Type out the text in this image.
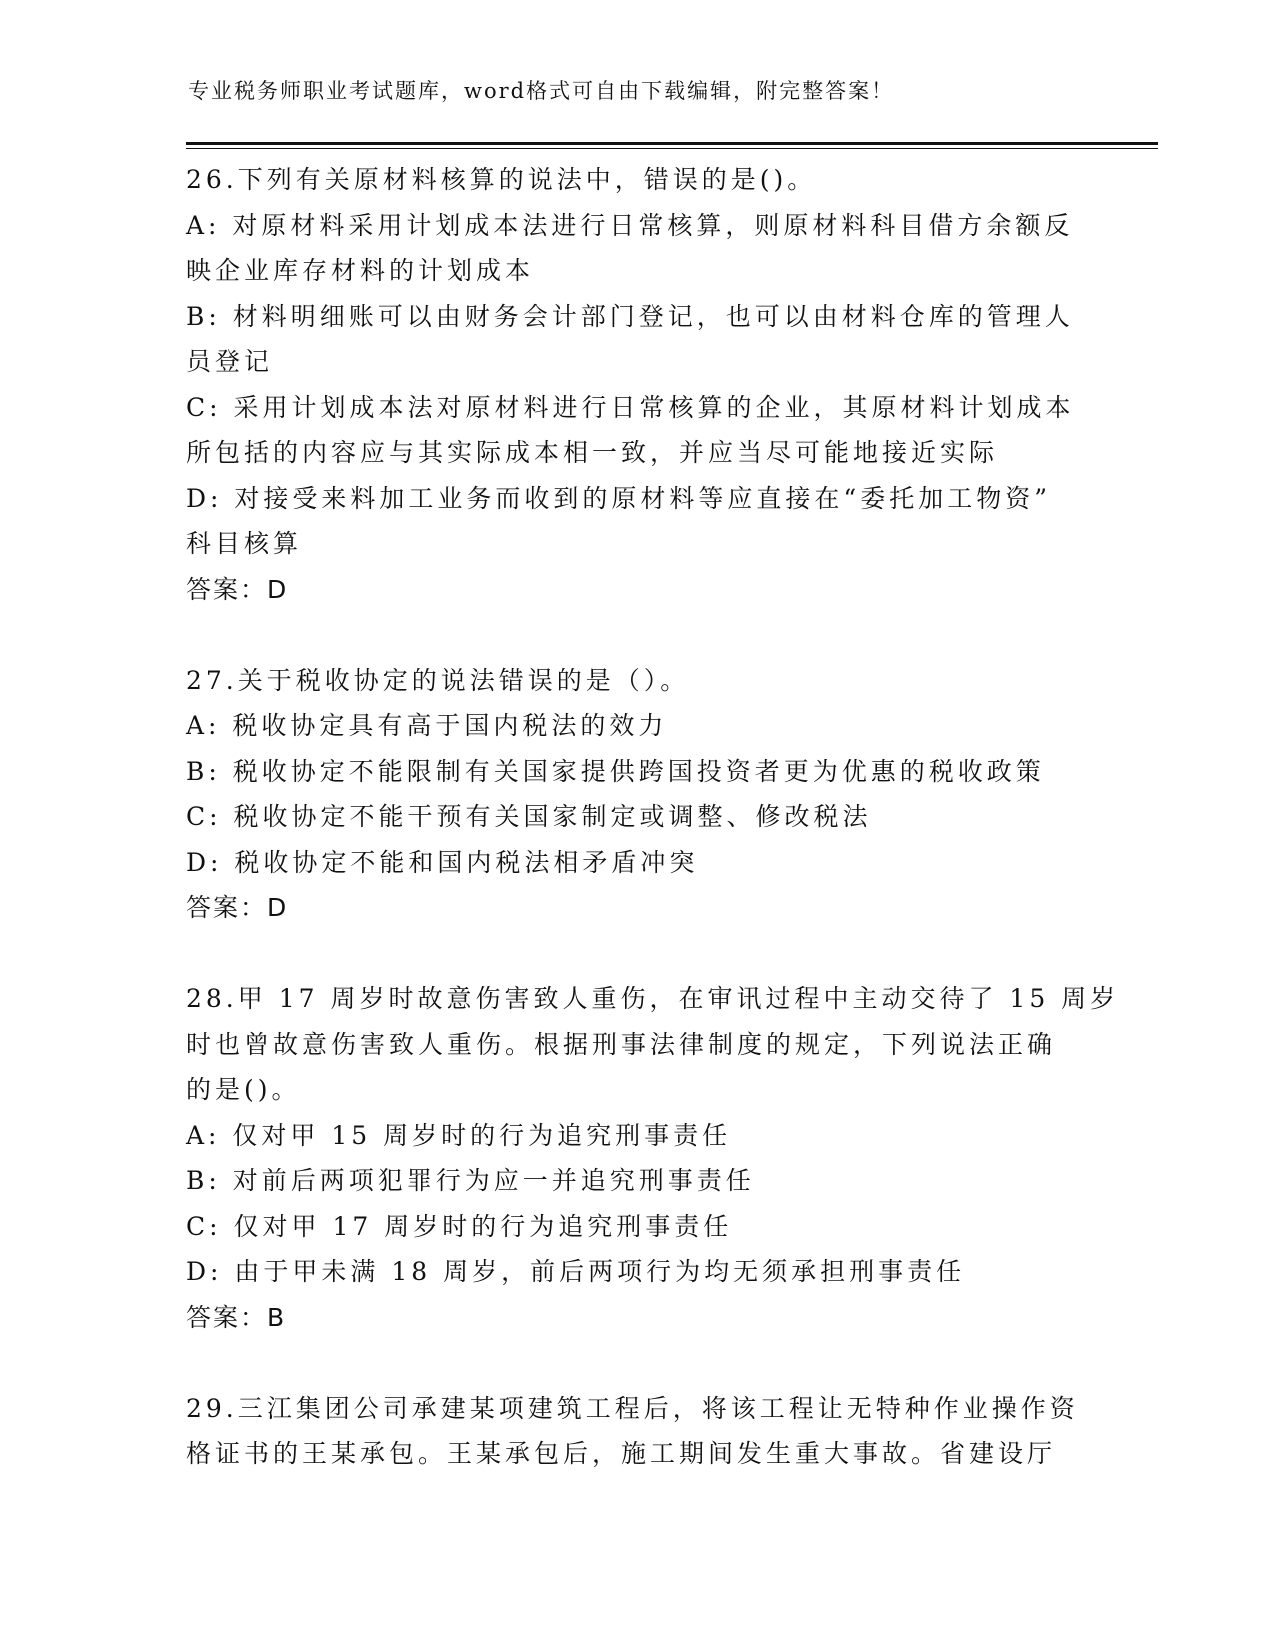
专业税务师职业考试题库，word格式可自由下载编辑，附完整答案！
26.下列有关原材料核算的说法中，错误的是()。
A: 对原材料采用计划成本法进行日常核算，则原材料科目借方余额反
映企业库存材料的计划成本
B: 材料明细账可以由财务会计部门登记，也可以由材料仓库的管理人
员登记
C: 采用计划成本法对原材料进行日常核算的企业，其原材料计划成本
所包括的内容应与其实际成本相一致，并应当尽可能地接近实际
D: 对接受来料加工业务而收到的原材料等应直接在“委托加工物资”
科目核算
答案：D
27.关于税收协定的说法错误的是（）。
A: 税收协定具有高于国内税法的效力
B: 税收协定不能限制有关国家提供跨国投资者更为优惠的税收政策
C: 税收协定不能干预有关国家制定或调整、修改税法
D: 税收协定不能和国内税法相矛盾冲突
答案：D
28.甲 17 周岁时故意伤害致人重伤，在审讯过程中主动交待了 15 周岁
时也曾故意伤害致人重伤。根据刑事法律制度的规定，下列说法正确
的是()。
A: 仅对甲 15 周岁时的行为追究刑事责任
B: 对前后两项犯罪行为应一并追究刑事责任
C: 仅对甲 17 周岁时的行为追究刑事责任
D: 由于甲未满 18 周岁，前后两项行为均无须承担刑事责任
答案：B
29.三江集团公司承建某项建筑工程后，将该工程让无特种作业操作资
格证书的王某承包。王某承包后，施工期间发生重大事故。省建设厅
